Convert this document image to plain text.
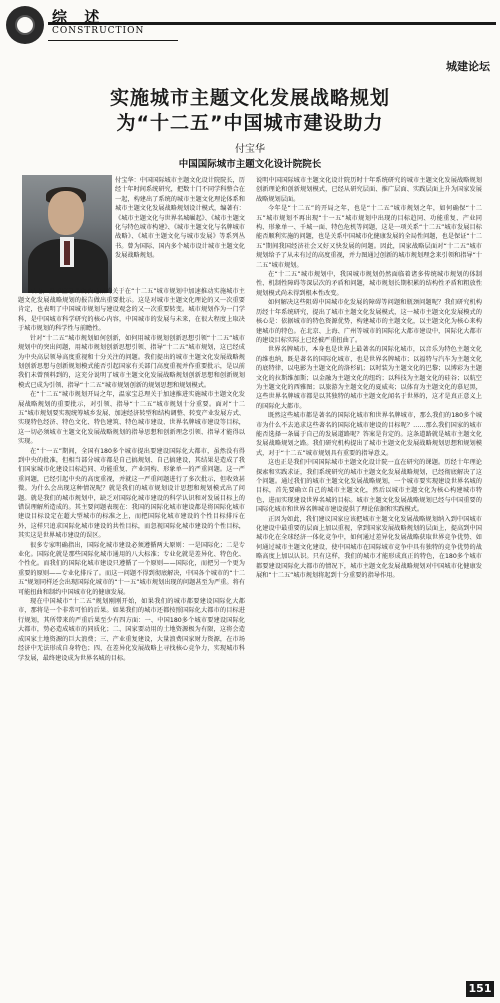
综 述
CONSTRUCTION
城建论坛
实施城市主题文化发展战略规划
为“十二五”中国城市建设助力
付宝华
中国国际城市主题文化设计院院长

付宝华：中国国际城市主题文化设计院院长，历经十年时间系统研究，把数十门不同学科整合在一起，构建出了系统的城市主题文化理论体系和城市主题文化发展战略规划设计模式，编著有：《城市主题文化与世界名城崛起》、《城市主题文化与特色城市构建》、《城市主题文化与名牌城市战略》、《城市主题文化与城市发展》等系列丛书。曾为国际、国内多个城市设计城市主题文化发展战略规划。

最近，温家宝总理就我是报的关于在“十二五”城市规划中加速推动实施城市主题文化发展战略规划的报告做出重要批示。这是对城市主题文化理论的又一次重要肯定，也表明了中国城市规划与建设观念的又一次重要转变。城市规划作为一门学科，是中国城市科学研究的核心内容，中国城市的发展与未来，在很大程度上取决于城市规划的科学性与前瞻性。

针对“十二五”城市规划如何创新，如何用城市规划创新思想引领“十二五”城市规划中的突出问题，用城市规划创新思想引领、指导“十二五”城市规划，这已经成为中央高层领导高度重视和十分关注的问题。我们提出的城市主题文化发展战略规划创新思想与创新规划模式能否引起国家有关部门高度重视并作重要批示，是以前我们未曾预料到的，这充分说明了城市主题文化发展战略规划创新思想和创新规划模式已成为引领、指导“十二五”城市规划创新的规划思想和规划模式。

在“十二五”城市规划开局之年，温家宝总理关于加速推进实施城市主题文化发展战略规划的重要批示，对引领、指导“十二五”城市规划十分重要。面对“十二五”城市规划要实现统筹城乡发展、加速经济转型和结构调整、转变产业发展方式、实现特色经济、特色文化、特色建筑、特色城市建设、世界名牌城市建设等目标，这一切必须城市主题文化发展战略规划的指导思想和创新理念引领、指导才能得以实现。

在“十一五”期间，全国有180多个城市提出要建设国际化大都市，虽然没有得到中央的批准，但相当部分城市都是自己搞规划、自己搞建设，其结果是造成了我们国家城市化建设目标趋同、功能重复、产业同构、形象单一的严重问题。这一严重问题，已经引起中央的高度重视，并就这一严重问题进行了多次批示，但收效甚微。为什么会出现这种情况呢？就是我们的城市规划设计思想和规划模式出了问题。就是我们的城市规划中，缺乏对国际化城市建设的科学认识和对发展目标上的错误理解所造成的。其主要问题表现在：我国的国际化城市建设都是将国际化城市建设目标设定在超大型城市的标准之上，而把国际化城市建设的个性目标排斥在外，这样只追求国际化城市建设的共性目标，而忽视国际化城市建设的个性目标，其实这是世界城市建设的误区。

很多专家明确指出，国际化城市建设必须遵循两大原则：一是国际化；二是专业化。国际化就是那些国际化城市通用的八大标准；专业化就是差异化、特色化、个性化。而我们的国际化城市建设只遵循了一个原则——国际化，而把另一个更为重要的原则——专业化排斥了。而这一问题不得到彻底解决，中国各个城市的“十二五”规划同样还会出现国际化城市的“十一五”城市规划出现的问题甚至为严重。将有可能扭曲和制约中国城市化的健康发展。

现在中国城市“十二五”规划刚刚开始，如果我们的城市都要建设国际化大都市，那将是一个非常可怕的后果。如果我们的城市还都按照国际化大都市的目标进行规划，其所带来的严重后果至少有四方面：一、中国180多个城市要建设国际化大都市，势必造成城市的同质化；二、国家要动用的土地资源极为有限，这将会造成国家土地资源的巨大浪费；三、产业重复建设，大量浪费国家财力资源，在市场经济中无法形成自身特色；四、在差异化发展战略上寻找核心竞争力，实现城市科学发展，最终建设成为世界名城的目标。

说明中国国际城市主题文化设计院历时十年系统研究的城市主题文化发展战略规划创新理论和创新规划模式，已经从研究层面、推广层面、实践层面上升为国家发展战略规划层面。

今年是“十二五”的开局之年，也是“十二五”城市规划之年，如何确保“十二五”城市规划不再出现“十一五”城市规划中出现的目标趋同、功能重复、产业同构、形象单一、千城一面、特色危机等问题，这是一项关系“十二五”城市发展目标能否顺利实施的问题，也是关系中国城市化健康发展的全局性问题，也是保证“十二五”期间我国经济社会又好又快发展的问题。因此，国家战略层面对“十二五”城市规划给予了从未有过的高度重视，并力图通过创新的城市规划理念来引领和指导“十二五”城市规划。

在“十二五”城市规划中，我国城市规划仍然面临着诸多传统城市规划的体制性、机制性障碍等深层次的矛盾和问题，城市规划长期积累的结构性矛盾和粗放性规划模式尚未得到根本性改变。

如何解决这些阻碍中国城市化发展的障碍等问题和瓶颈问题呢？我们研究机构历经十年系统研究，提出了城市主题文化发展模式，这一城市主题文化发展模式的核心是：依据城市的特色资源优势，构建城市的主题文化，以主题文化为核心来构建城市的特色。在北京、上海、广州等城市的国际化大都市建设中，国际化大都市的建设目标实际上已经被严重扭曲了。

世界名牌城市，本身也是世界上最著名的国际化城市，以音乐为特色主题文化的维也纳，既是著名的国际化城市，也是世界名牌城市；以福特与汽车为主题文化的底特律，以电影为主题文化的洛杉矶；以时装为主题文化的巴黎；以博彩为主题文化的拉斯维加斯；以金融为主题文化的纽约；以科技为主题文化的硅谷；以航空为主题文化的西雅图；以旅游为主题文化的夏威夷；以体育为主题文化的慕尼黑，这些世界名牌城市都是以其独特的城市主题文化闻名于世界的，这才是真正意义上的国际化大都市。

既然这些城市都是著名的国际化城市和世界名牌城市，那么我们的180多个城市为什么不去追求这些著名的国际化城市建设的目标呢？……那么我们国家的城市能否选择一条属于自己的发展道路呢？答案是肯定的。这条道路就是城市主题文化发展战略规划之路。我们研究机构提出了城市主题文化发展战略规划思想和规划模式，对于“十二五”城市规划具有重要的指导意义。

这也正是我们中国国际城市主题文化设计院一直在研究的课题。历经十年理论探索和实践求证，我们系统研究的城市主题文化发展战略规划，已经彻底解决了这个问题。通过我们的城市主题文化发展战略规划，一个城市要实现建设世界名城的目标，首先要确立自己的城市主题文化，然后以城市主题文化为核心构建城市特色，进而实现建设世界名城的目标。城市主题文化发展战略规划已经与中国重要的国际化城市和世界名牌城市建设提供了理论依据和实践模式。

正因为如此，我们建议国家应该把城市主题文化发展战略规划纳入到中国城市化建设中最重要的层面上加以重视，拿到国家发展战略规划的层面上，提高到中国城市化在全球经济一体化竞争中，如何通过差异化发展战略获取世界竞争优势、如何通过城市主题文化建设，使中国城市在国际城市竞争中具有独特的竞争优势的战略高度上加以认识。只有这样，我们的城市才能形成真正的特色，在180多个城市都要建设国际化大都市的情况下，城市主题文化发展战略规划对中国城市化健康发展和“十二五”城市规划将起到十分重要的指导作用。

151
